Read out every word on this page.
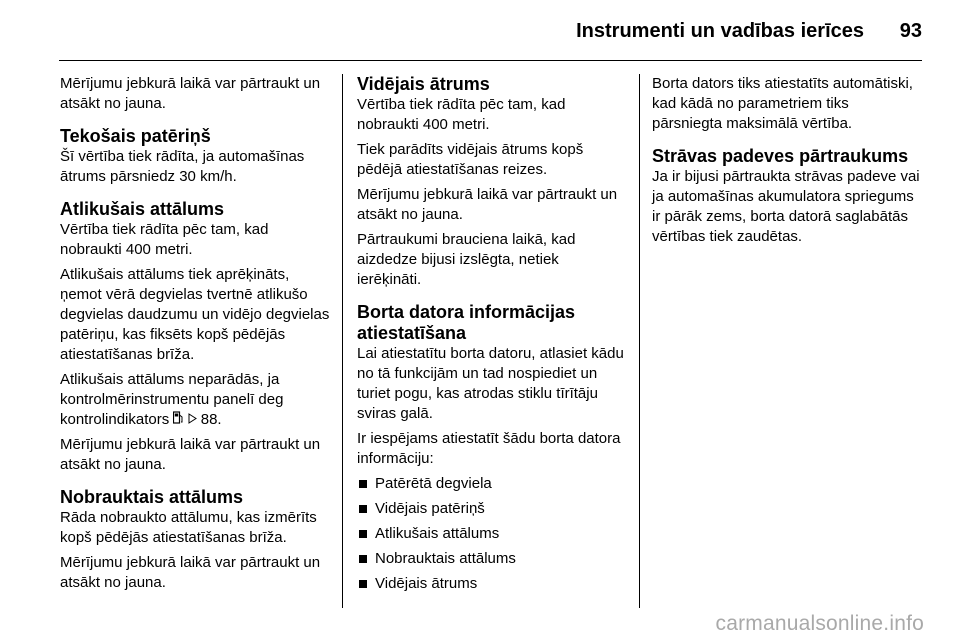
Instrumenti un vadības ierīces 93

Mērījumu jebkurā laikā var pārtraukt un atsākt no jauna.

Tekošais patēriņš

Šī vērtība tiek rādīta, ja automašīnas ātrums pārsniedz 30 km/h.

Atlikušais attālums

Vērtība tiek rādīta pēc tam, kad nobraukti 400 metri.

Atlikušais attālums tiek aprēķināts, ņemot vērā degvielas tvertnē atlikušo degvielas daudzumu un vidējo degvielas patēriņu, kas fiksēts kopš pēdējās atiestatīšanas brīža.

Atlikušais attālums neparādās, ja kontrolmērinstrumentu panelī deg kontrolindikators 88.

Mērījumu jebkurā laikā var pārtraukt un atsākt no jauna.

Nobrauktais attālums

Rāda nobraukto attālumu, kas izmērīts kopš pēdējās atiestatīšanas brīža.

Mērījumu jebkurā laikā var pārtraukt un atsākt no jauna.

Vidējais ātrums

Vērtība tiek rādīta pēc tam, kad nobraukti 400 metri.

Tiek parādīts vidējais ātrums kopš pēdējā atiestatīšanas reizes.

Mērījumu jebkurā laikā var pārtraukt un atsākt no jauna.

Pārtraukumi brauciena laikā, kad aizdedze bijusi izslēgta, netiek ierēķināti.

Borta datora informācijas atiestatīšana

Lai atiestatītu borta datoru, atlasiet kādu no tā funkcijām un tad nospiediet un turiet pogu, kas atrodas stiklu tīrītāju sviras galā.

Ir iespējams atiestatīt šādu borta datora informāciju:

Patērētā degviela
Vidējais patēriņš
Atlikušais attālums
Nobrauktais attālums
Vidējais ātrums

Borta dators tiks atiestatīts automātiski, kad kādā no parametriem tiks pārsniegta maksimālā vērtība.

Strāvas padeves pārtraukums

Ja ir bijusi pārtraukta strāvas padeve vai ja automašīnas akumulatora spriegums ir pārāk zems, borta datorā saglabātās vērtības tiek zaudētas.

carmanualsonline.info
